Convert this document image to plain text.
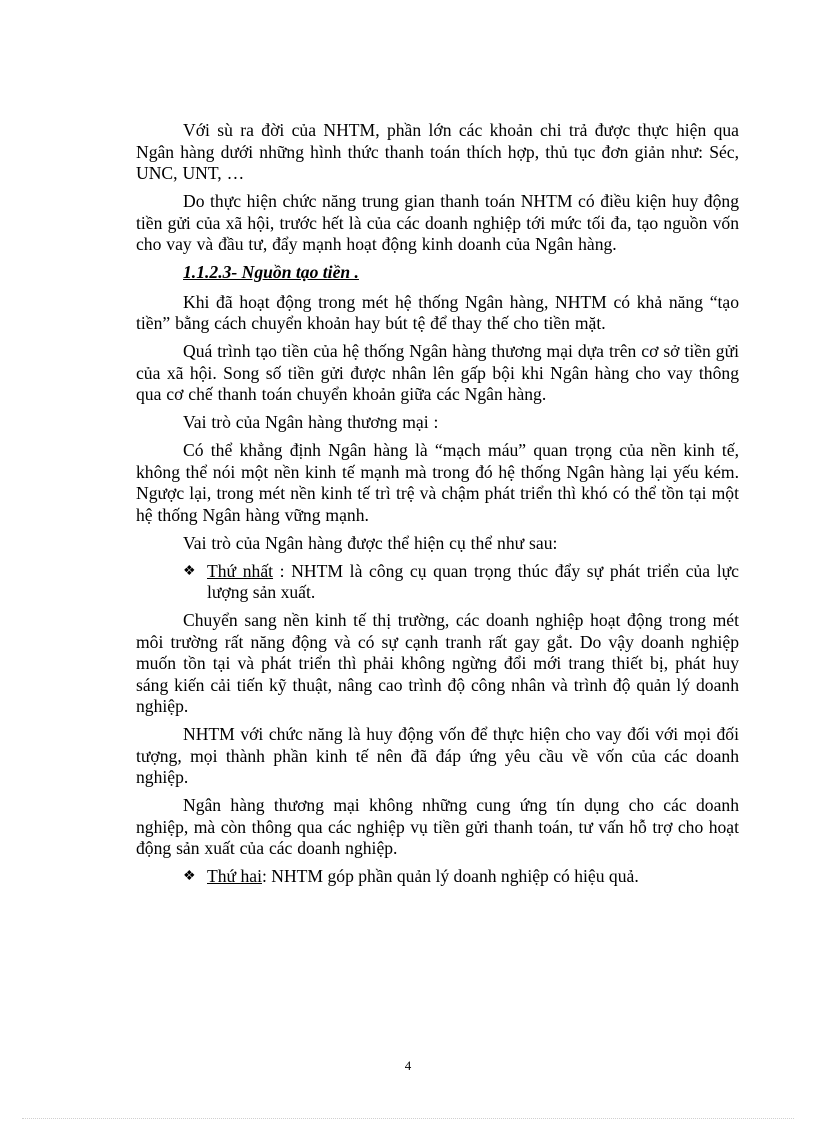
Với sù ra đời của NHTM, phần lớn các khoản chi trả được thực hiện qua Ngân hàng dưới những hình thức thanh toán thích hợp, thủ tục đơn giản như: Séc, UNC, UNT, …

Do thực hiện chức năng trung gian thanh toán NHTM có điều kiện huy động tiền gửi của xã hội, trước hết là của các doanh nghiệp tới mức tối đa, tạo nguồn vốn cho vay và đầu tư, đẩy mạnh hoạt động kinh doanh của Ngân hàng.

1.1.2.3- Nguồn tạo tiền .

Khi đã hoạt động trong mét hệ thống Ngân hàng, NHTM có khả năng “tạo tiền” bằng cách chuyển khoản hay bút tệ để thay thế cho tiền mặt.

Quá trình tạo tiền của hệ thống Ngân hàng thương mại dựa trên cơ sở tiền gửi của xã hội. Song số tiền gửi được nhân lên gấp bội khi Ngân hàng cho vay thông qua cơ chế thanh toán chuyển khoản giữa các Ngân hàng.

Vai trò của Ngân hàng thương mại :

Có thể khẳng định Ngân hàng là “mạch máu” quan trọng của nền kinh tế, không thể nói một nền kinh tế mạnh mà trong đó hệ thống Ngân hàng lại yếu kém. Ngược lại, trong mét nền kinh tế trì trệ và chậm phát triển thì khó có thể tồn tại một hệ thống Ngân hàng vững mạnh.

Vai trò của Ngân hàng được thể hiện cụ thể như sau:

❖ Thứ nhất : NHTM là công cụ quan trọng thúc đẩy sự phát triển của lực lượng sản xuất.

Chuyển sang nền kinh tế thị trường, các doanh nghiệp hoạt động trong mét môi trường rất năng động và có sự cạnh tranh rất gay gắt. Do vậy doanh nghiệp muốn tồn tại và phát triển thì phải không ngừng đổi mới trang thiết bị, phát huy sáng kiến cải tiến kỹ thuật, nâng cao trình độ công nhân và trình độ quản lý doanh nghiệp.

NHTM với chức năng là huy động vốn để thực hiện cho vay đối với mọi đối tượng, mọi thành phần kinh tế nên đã đáp ứng yêu cầu về vốn của các doanh nghiệp.

Ngân hàng thương mại không những cung ứng tín dụng cho các doanh nghiệp, mà còn thông qua các nghiệp vụ tiền gửi thanh toán, tư vấn hỗ trợ cho hoạt động sản xuất của các doanh nghiệp.

❖ Thứ hai: NHTM góp phần quản lý doanh nghiệp có hiệu quả.
4
